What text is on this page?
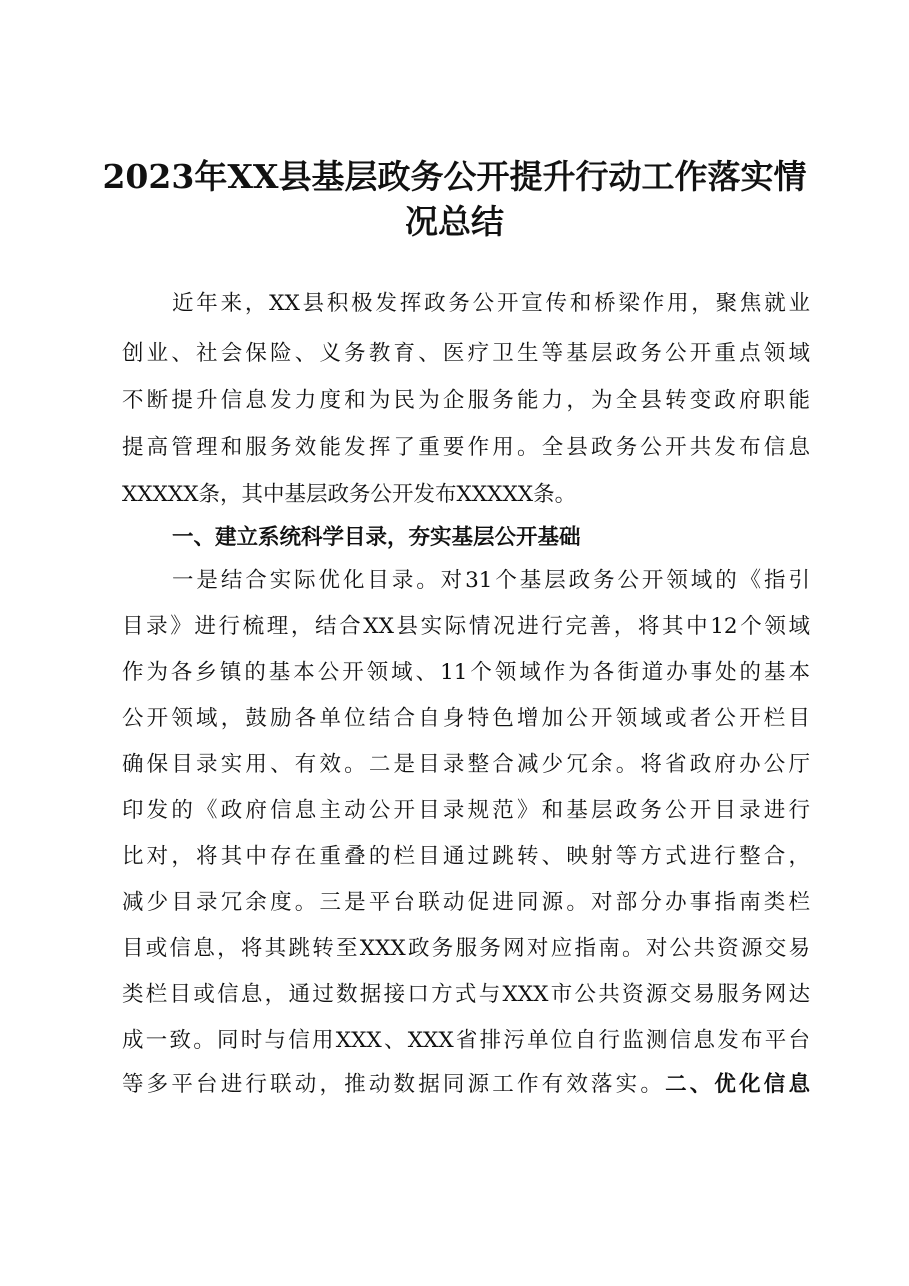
2023年XX县基层政务公开提升行动工作落实情
况总结
近年来，XX县积极发挥政务公开宣传和桥梁作用，聚焦就业
创业、社会保险、义务教育、医疗卫生等基层政务公开重点领域
不断提升信息发力度和为民为企服务能力，为全县转变政府职能
提高管理和服务效能发挥了重要作用。全县政务公开共发布信息
XXXXX条，其中基层政务公开发布XXXXX条。
一、建立系统科学目录，夯实基层公开基础
一是结合实际优化目录。对31个基层政务公开领域的《指引
目录》进行梳理，结合XX县实际情况进行完善，将其中12个领域
作为各乡镇的基本公开领域、11个领域作为各街道办事处的基本
公开领域，鼓励各单位结合自身特色增加公开领域或者公开栏目
确保目录实用、有效。二是目录整合减少冗余。将省政府办公厅
印发的《政府信息主动公开目录规范》和基层政务公开目录进行
比对，将其中存在重叠的栏目通过跳转、映射等方式进行整合，
减少目录冗余度。三是平台联动促进同源。对部分办事指南类栏
目或信息，将其跳转至XXX政务服务网对应指南。对公共资源交易
类栏目或信息，通过数据接口方式与XXX市公共资源交易服务网达
成一致。同时与信用XXX、XXX省排污单位自行监测信息发布平台
等多平台进行联动，推动数据同源工作有效落实。二、优化信息
